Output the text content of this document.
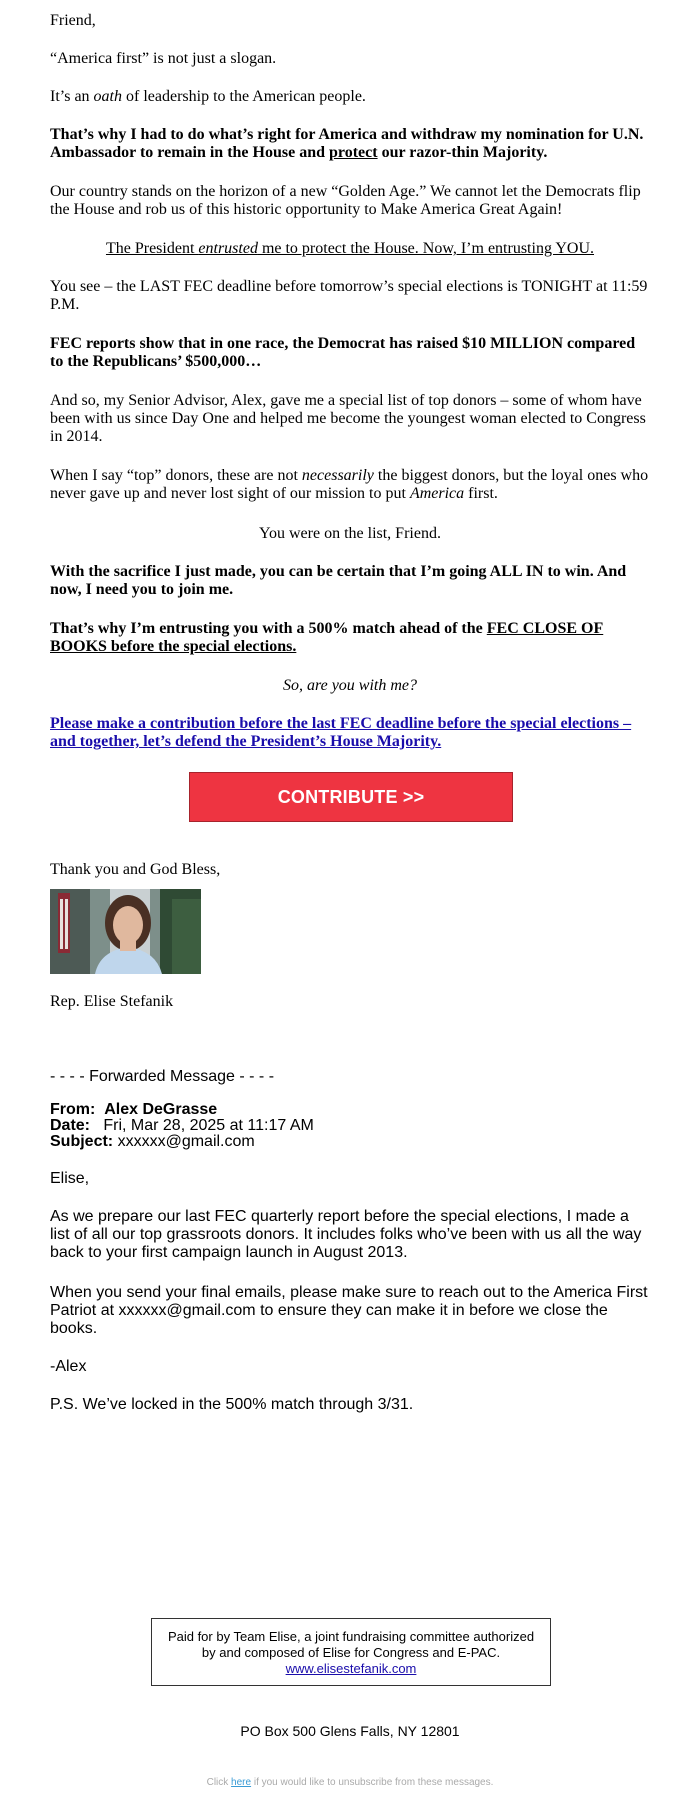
Friend,

“America first” is not just a slogan.

It’s an oath of leadership to the American people.

That’s why I had to do what’s right for America and withdraw my nomination for U.N. Ambassador to remain in the House and protect our razor-thin Majority.

Our country stands on the horizon of a new “Golden Age.” We cannot let the Democrats flip the House and rob us of this historic opportunity to Make America Great Again!

The President entrusted me to protect the House. Now, I’m entrusting YOU.

You see – the LAST FEC deadline before tomorrow’s special elections is TONIGHT at 11:59 P.M.

FEC reports show that in one race, the Democrat has raised $10 MILLION compared to the Republicans’ $500,000…

And so, my Senior Advisor, Alex, gave me a special list of top donors – some of whom have been with us since Day One and helped me become the youngest woman elected to Congress in 2014.

When I say “top” donors, these are not necessarily the biggest donors, but the loyal ones who never gave up and never lost sight of our mission to put America first.

You were on the list, Friend.

With the sacrifice I just made, you can be certain that I’m going ALL IN to win. And now, I need you to join me.

That’s why I’m entrusting you with a 500% match ahead of the FEC CLOSE OF BOOKS before the special elections.

So, are you with me?

Please make a contribution before the last FEC deadline before the special elections – and together, let’s defend the President’s House Majority.
CONTRIBUTE >>

Thank you and God Bless,

Rep. Elise Stefanik

- - - - Forwarded Message - - - -

From: Alex DeGrasse

Date: Fri, Mar 28, 2025 at 11:17 AM

Subject: xxxxxx@gmail.com

Elise,

As we prepare our last FEC quarterly report before the special elections, I made a list of all our top grassroots donors. It includes folks who’ve been with us all the way back to your first campaign launch in August 2013.

When you send your final emails, please make sure to reach out to the America First Patriot at xxxxxx@gmail.com to ensure they can make it in before we close the books.

-Alex

P.S. We’ve locked in the 500% match through 3/31.

Paid for by Team Elise, a joint fundraising committee authorized by and composed of Elise for Congress and E-PAC. www.elisestefanik.com

PO Box 500 Glens Falls, NY 12801

Click here if you would like to unsubscribe from these messages.
